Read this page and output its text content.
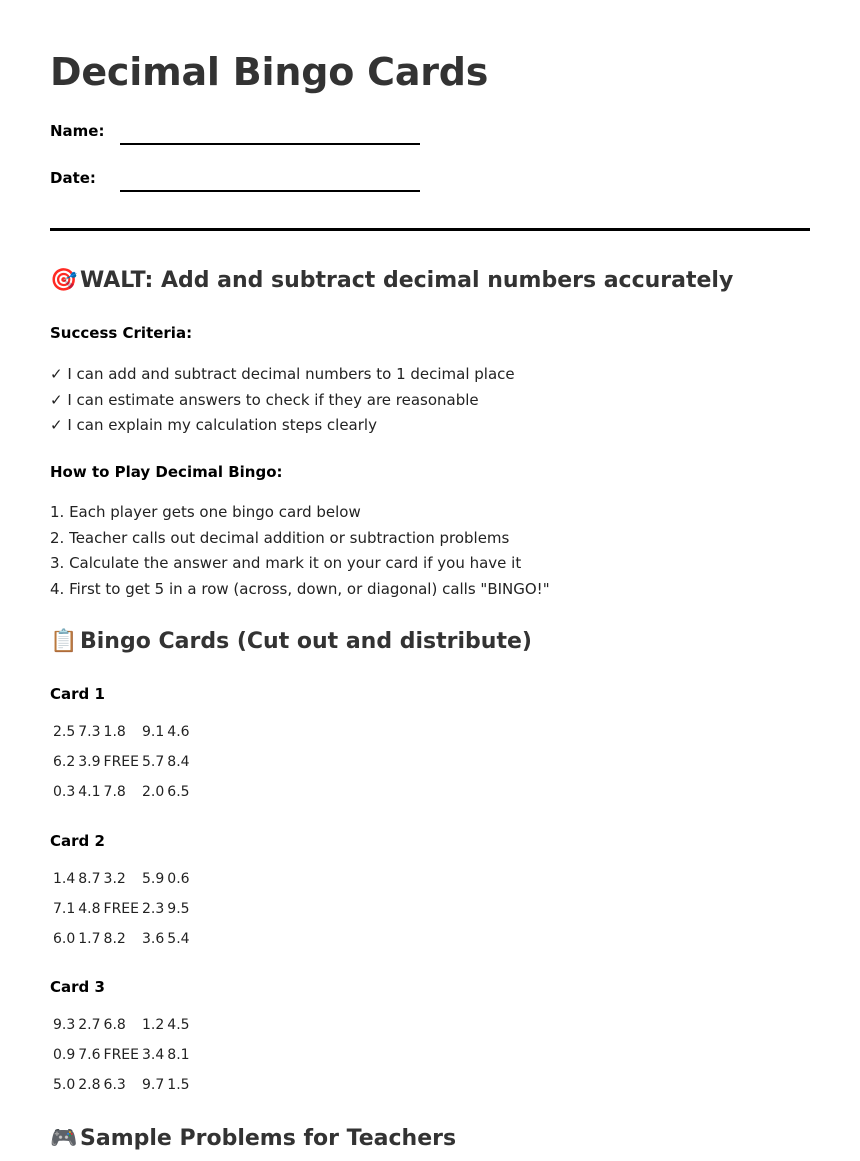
Decimal Bingo Cards
Name:
Date:
🎯 WALT: Add and subtract decimal numbers accurately
Success Criteria:
✓ I can add and subtract decimal numbers to 1 decimal place
✓ I can estimate answers to check if they are reasonable
✓ I can explain my calculation steps clearly
How to Play Decimal Bingo:
1. Each player gets one bingo card below
2. Teacher calls out decimal addition or subtraction problems
3. Calculate the answer and mark it on your card if you have it
4. First to get 5 in a row (across, down, or diagonal) calls "BINGO!"
📋 Bingo Cards (Cut out and distribute)
Card 1
2.5	7.3	1.8	9.1	4.6
6.2	3.9	FREE	5.7	8.4
0.3	4.1	7.8	2.0	6.5
Card 2
1.4	8.7	3.2	5.9	0.6
7.1	4.8	FREE	2.3	9.5
6.0	1.7	8.2	3.6	5.4
Card 3
9.3	2.7	6.8	1.2	4.5
0.9	7.6	FREE	3.4	8.1
5.0	2.8	6.3	9.7	1.5
🎮 Sample Problems for Teachers
